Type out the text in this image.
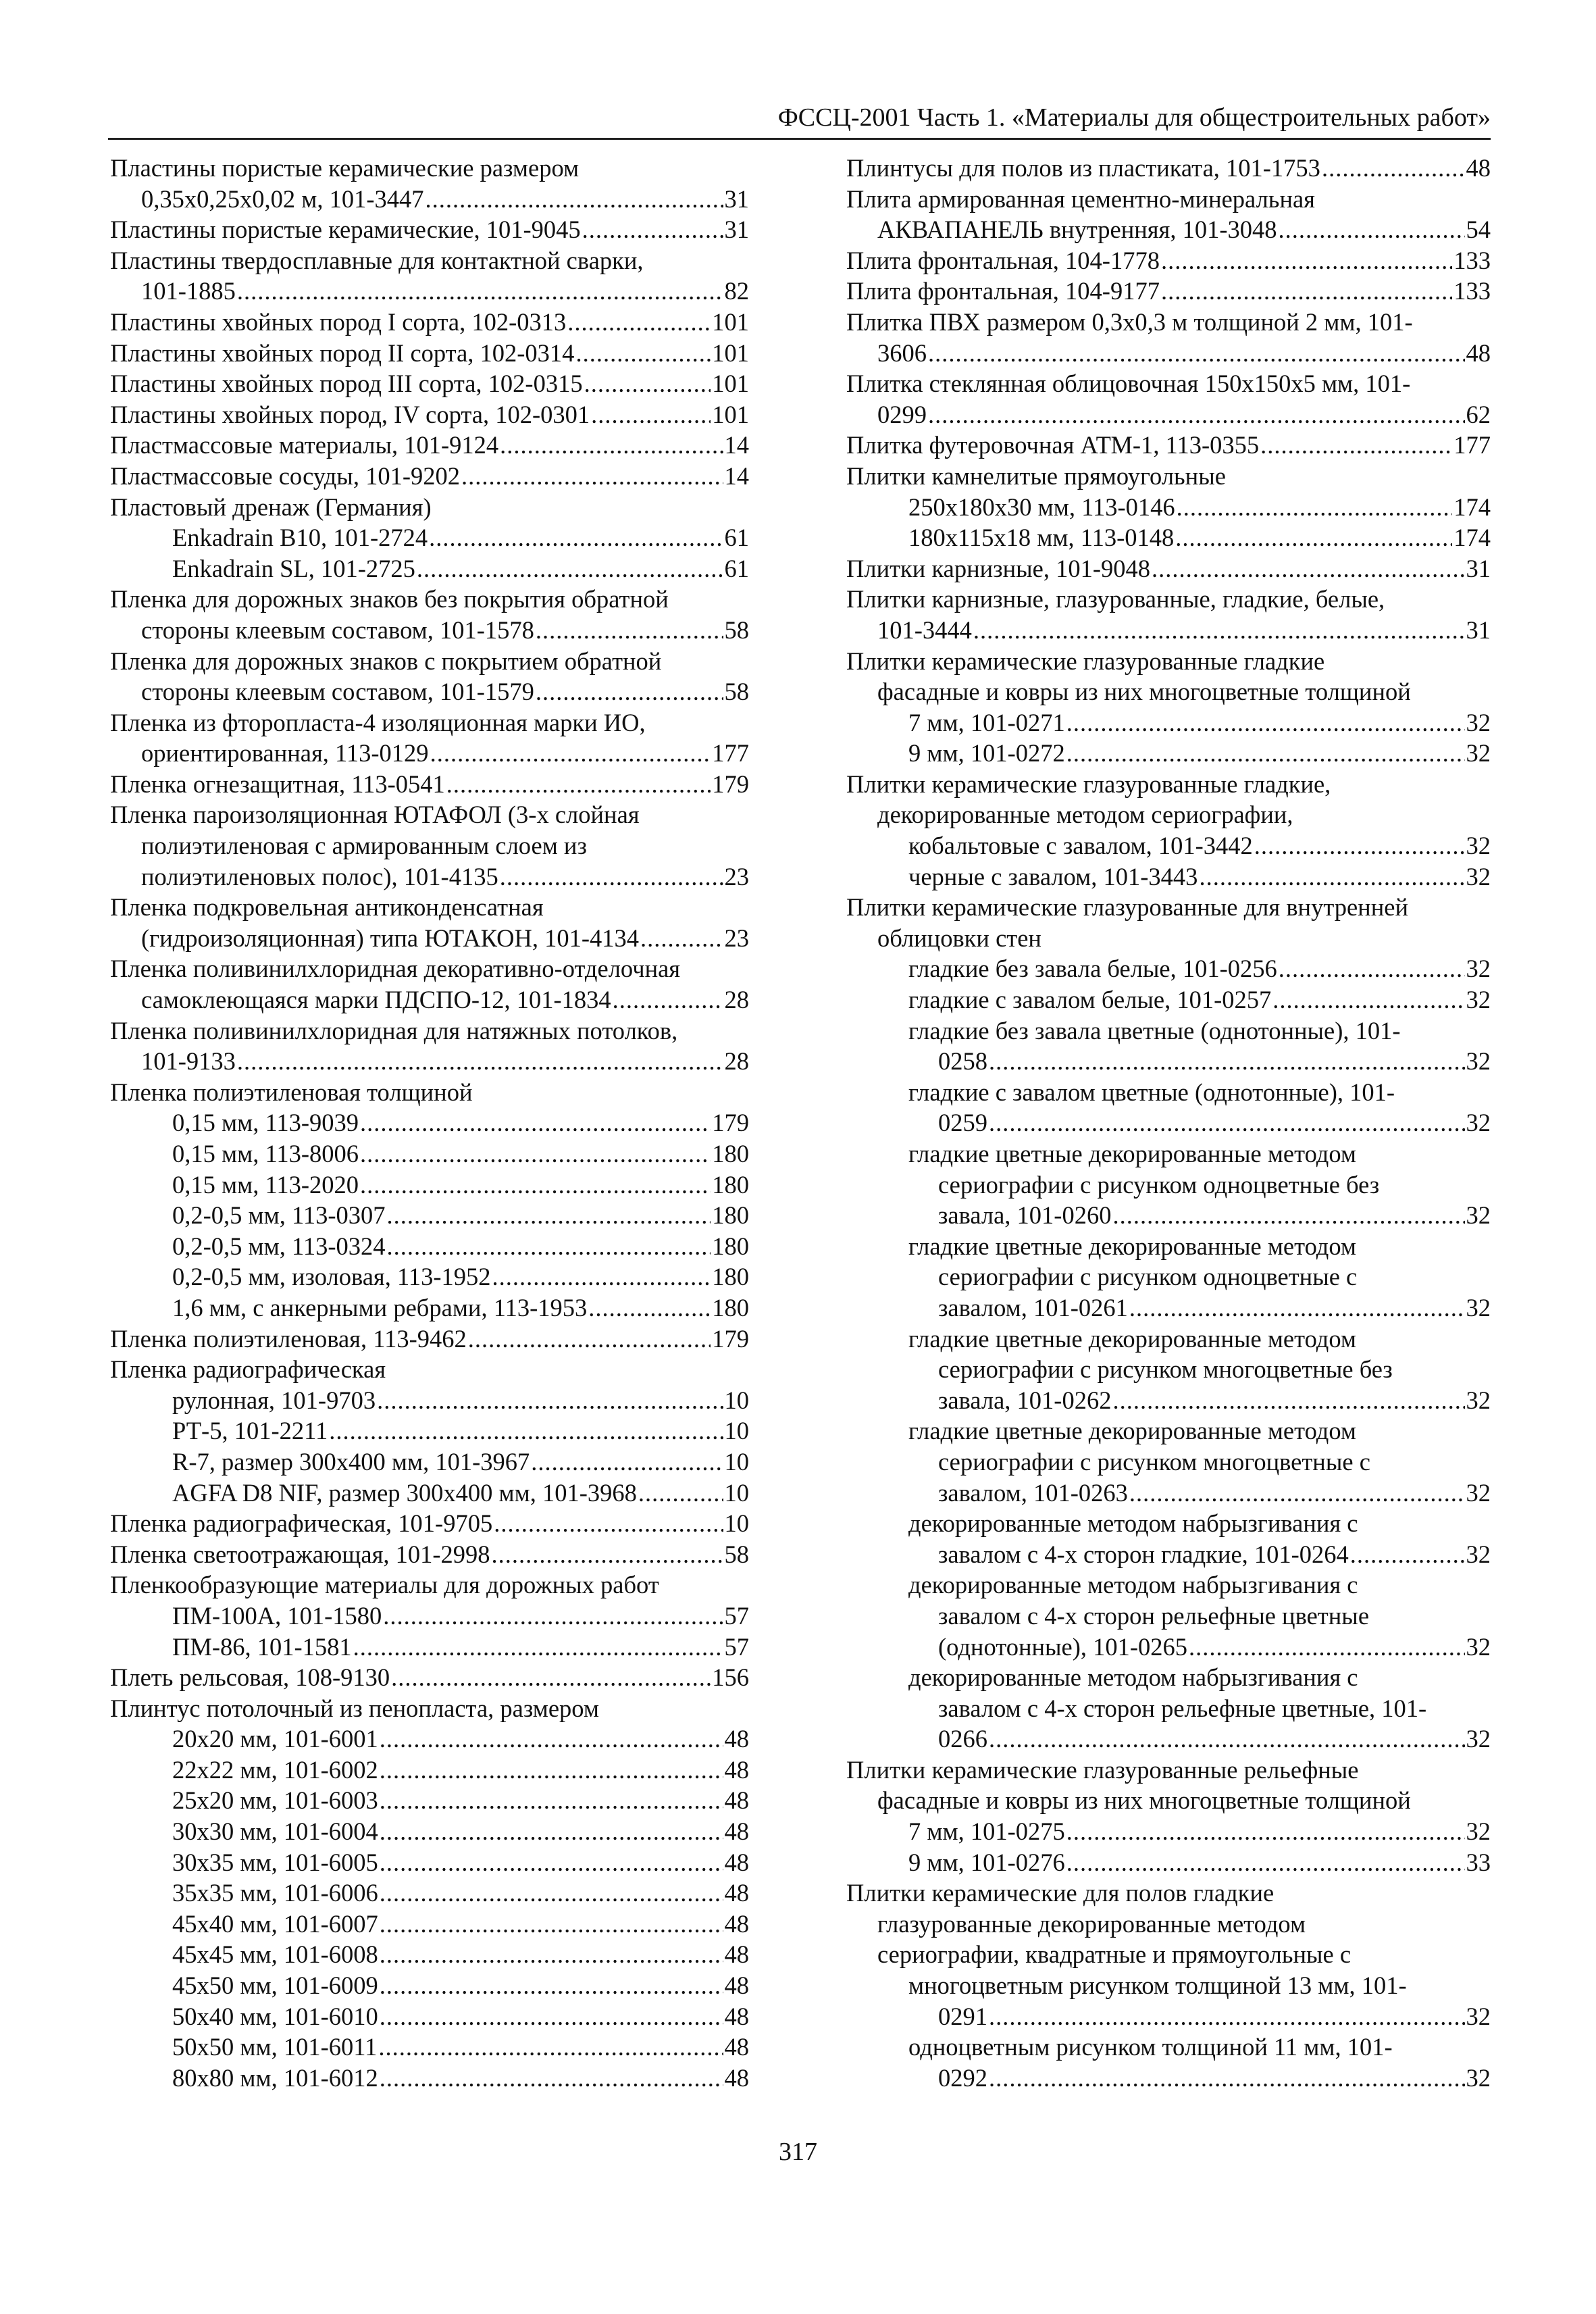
ФССЦ-2001 Часть 1. «Материалы для общестроительных работ»
Пластины пористые керамические размером
0,35х0,25х0,02 м, 101-3447 .....	31
Пластины пористые керамические, 101-9045 .....	31
Пластины твердосплавные для контактной сварки,
101-1885 .....	82
Пластины хвойных пород I сорта, 102-0313 .....	101
Пластины хвойных пород II сорта, 102-0314 .....	101
Пластины хвойных пород III сорта, 102-0315 .....	101
Пластины хвойных пород, IV сорта, 102-0301 .....	101
Пластмассовые материалы, 101-9124 .....	14
Пластмассовые сосуды, 101-9202 .....	14
Пластовый дренаж (Германия)
Enkadrain B10, 101-2724 .....	61
Enkadrain SL, 101-2725 .....	61
Пленка для дорожных знаков без покрытия обратной
стороны клеевым составом, 101-1578 .....	58
Пленка для дорожных знаков с покрытием обратной
стороны клеевым составом, 101-1579 .....	58
Пленка из фторопласта-4 изоляционная марки ИО,
ориентированная, 113-0129 .....	177
Пленка огнезащитная, 113-0541 .....	179
Пленка пароизоляционная ЮТАФОЛ (3-х слойная
полиэтиленовая с армированным слоем из
полиэтиленовых полос), 101-4135 .....	23
Пленка подкровельная антиконденсатная
(гидроизоляционная) типа ЮТАКОН, 101-4134 .....	23
Пленка поливинилхлоридная декоративно-отделочная
самоклеющаяся марки ПДСПО-12, 101-1834 .....	28
Пленка поливинилхлоридная для натяжных потолков,
101-9133 .....	28
Пленка полиэтиленовая толщиной
0,15 мм, 113-9039 .....	179
0,15 мм, 113-8006 .....	180
0,15 мм, 113-2020 .....	180
0,2-0,5 мм, 113-0307 .....	180
0,2-0,5 мм, 113-0324 .....	180
0,2-0,5 мм, изоловая, 113-1952 .....	180
1,6 мм, с анкерными ребрами, 113-1953 .....	180
Пленка полиэтиленовая, 113-9462 .....	179
Пленка радиографическая
рулонная, 101-9703 .....	10
РТ-5, 101-2211 .....	10
R-7, размер 300х400 мм, 101-3967 .....	10
AGFA D8 NIF, размер 300х400 мм, 101-3968 .....	10
Пленка радиографическая, 101-9705 .....	10
Пленка светоотражающая, 101-2998 .....	58
Пленкообразующие материалы для дорожных работ
ПМ-100А, 101-1580 .....	57
ПМ-86, 101-1581 .....	57
Плеть рельсовая, 108-9130 .....	156
Плинтус потолочный из пенопласта, размером
20х20 мм, 101-6001 .....	48
22х22 мм, 101-6002 .....	48
25х20 мм, 101-6003 .....	48
30х30 мм, 101-6004 .....	48
30х35 мм, 101-6005 .....	48
35х35 мм, 101-6006 .....	48
45х40 мм, 101-6007 .....	48
45х45 мм, 101-6008 .....	48
45х50 мм, 101-6009 .....	48
50х40 мм, 101-6010 .....	48
50х50 мм, 101-6011 .....	48
80х80 мм, 101-6012 .....	48
Плинтусы для полов из пластиката, 101-1753 .....	48
Плита армированная цементно-минеральная
АКВАПАНЕЛЬ внутренняя, 101-3048 .....	54
Плита фронтальная, 104-1778 .....	133
Плита фронтальная, 104-9177 .....	133
Плитка ПВХ размером 0,3х0,3 м толщиной 2 мм, 101-
3606 .....	48
Плитка стеклянная облицовочная 150х150х5 мм, 101-
0299 .....	62
Плитка футеровочная АТМ-1, 113-0355 .....	177
Плитки камнелитые прямоугольные
250х180х30 мм, 113-0146 .....	174
180х115х18 мм, 113-0148 .....	174
Плитки карнизные, 101-9048 .....	31
Плитки карнизные, глазурованные, гладкие, белые,
101-3444 .....	31
Плитки керамические глазурованные гладкие
фасадные и ковры из них многоцветные толщиной
7 мм, 101-0271 .....	32
9 мм, 101-0272 .....	32
Плитки керамические глазурованные гладкие,
декорированные методом сериографии,
кобальтовые с завалом, 101-3442 .....	32
черные с завалом, 101-3443 .....	32
Плитки керамические глазурованные для внутренней
облицовки стен
гладкие без завала белые, 101-0256 .....	32
гладкие с завалом белые, 101-0257 .....	32
гладкие без завала цветные (однотонные), 101-
0258 .....	32
гладкие с завалом цветные (однотонные), 101-
0259 .....	32
гладкие цветные декорированные методом
сериографии с рисунком одноцветные без
завала, 101-0260 .....	32
гладкие цветные декорированные методом
сериографии с рисунком одноцветные с
завалом, 101-0261 .....	32
гладкие цветные декорированные методом
сериографии с рисунком многоцветные без
завала, 101-0262 .....	32
гладкие цветные декорированные методом
сериографии с рисунком многоцветные с
завалом, 101-0263 .....	32
декорированные методом набрызгивания с
завалом с 4-х сторон гладкие, 101-0264 .....	32
декорированные методом набрызгивания с
завалом с 4-х сторон рельефные цветные
(однотонные), 101-0265 .....	32
декорированные методом набрызгивания с
завалом с 4-х сторон рельефные цветные, 101-
0266 .....	32
Плитки керамические глазурованные рельефные
фасадные и ковры из них многоцветные толщиной
7 мм, 101-0275 .....	32
9 мм, 101-0276 .....	33
Плитки керамические для полов гладкие
глазурованные декорированные методом
сериографии, квадратные и прямоугольные с
многоцветным рисунком толщиной 13 мм, 101-
0291 .....	32
одноцветным рисунком толщиной 11 мм, 101-
0292 .....	32
317
